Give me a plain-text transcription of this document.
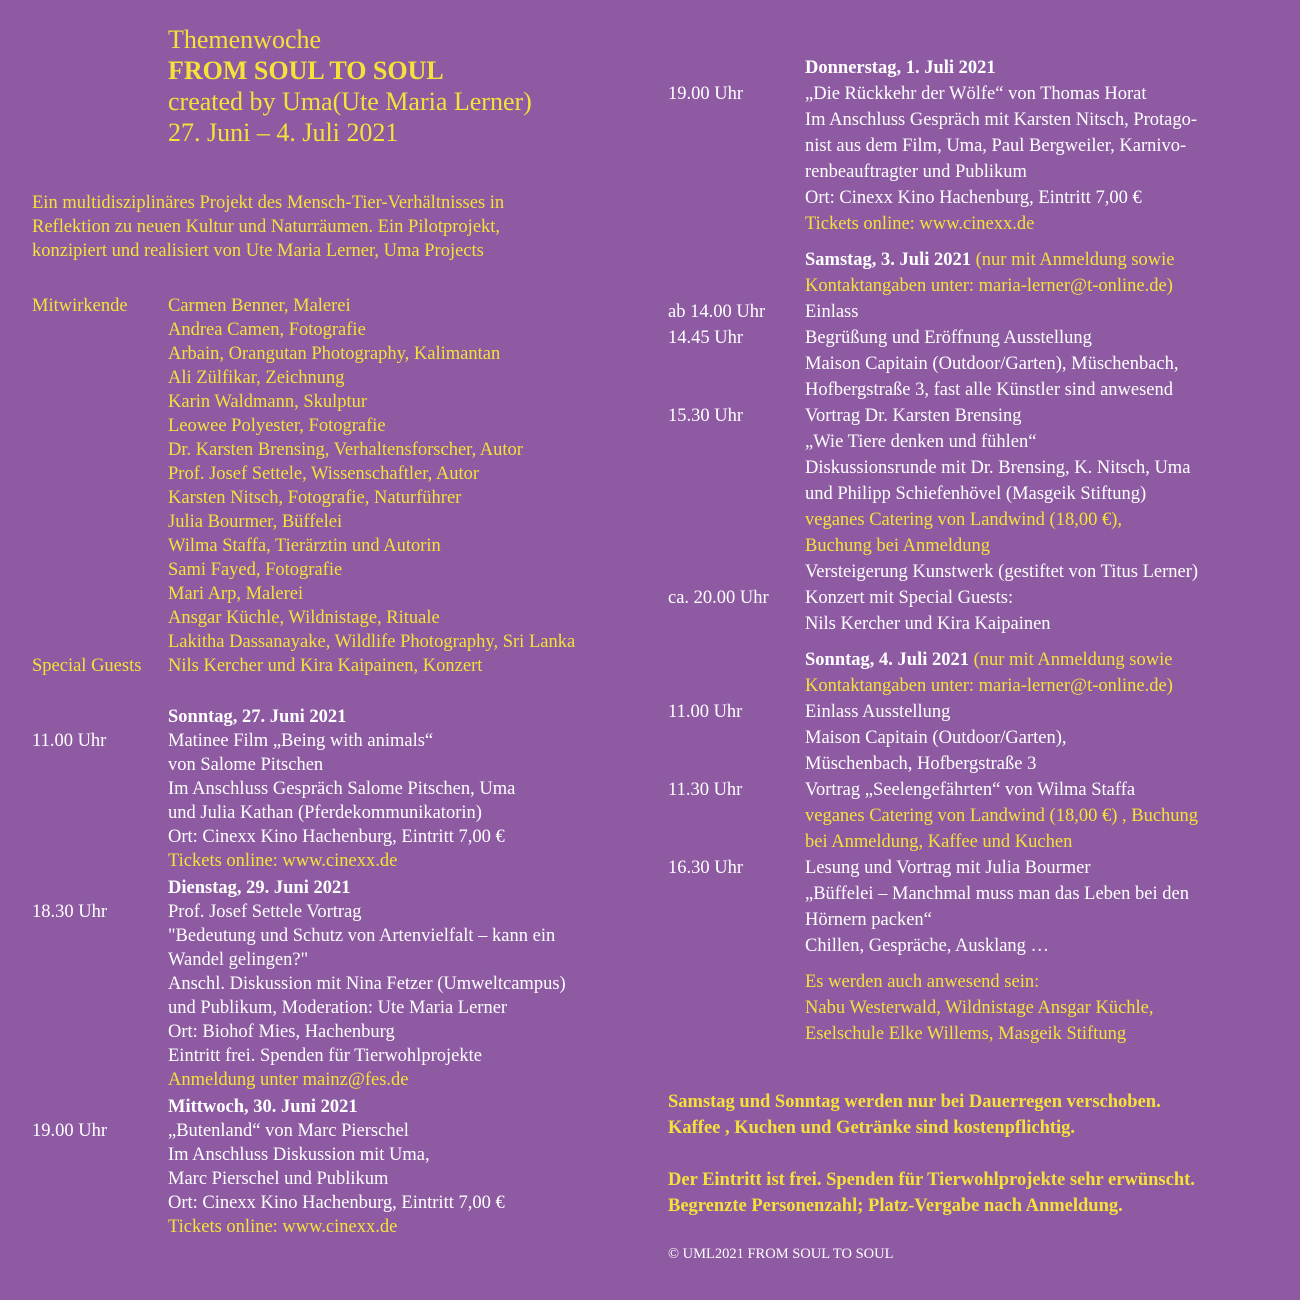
Themenwoche
FROM SOUL TO SOUL
created by Uma(Ute Maria Lerner)
27. Juni – 4. Juli 2021
Ein multidisziplinäres Projekt des Mensch-Tier-Verhältnisses in
Reflektion zu neuen Kultur und Naturräumen. Ein Pilotprojekt,
konzipiert und realisiert von Ute Maria Lerner, Uma Projects
Mitwirkende Carmen Benner, Malerei
Andrea Camen, Fotografie
Arbain, Orangutan Photography, Kalimantan
Ali Zülfikar, Zeichnung
Karin Waldmann, Skulptur
Leowee Polyester, Fotografie
Dr. Karsten Brensing, Verhaltensforscher, Autor
Prof. Josef Settele, Wissenschaftler, Autor
Karsten Nitsch, Fotografie, Naturführer
Julia Bourmer, Büffelei
Wilma Staffa, Tierärztin und Autorin
Sami Fayed, Fotografie
Mari Arp, Malerei
Ansgar Küchle, Wildnistage, Rituale
Lakitha Dassanayake, Wildlife Photography, Sri Lanka
Special Guests Nils Kercher und Kira Kaipainen, Konzert
Sonntag, 27. Juni 2021
11.00 Uhr	Matinee Film „Being with animals“
von Salome Pitschen
Im Anschluss Gespräch Salome Pitschen, Uma
und Julia Kathan (Pferdekommunikatorin)
Ort: Cinexx Kino Hachenburg, Eintritt 7,00 €
Tickets online: www.cinexx.de
Dienstag, 29. Juni 2021
18.30 Uhr	Prof. Josef Settele Vortrag
"Bedeutung und Schutz von Artenvielfalt – kann ein
Wandel gelingen?"
Anschl. Diskussion mit Nina Fetzer (Umweltcampus)
und Publikum, Moderation: Ute Maria Lerner
Ort: Biohof Mies, Hachenburg
Eintritt frei. Spenden für Tierwohlprojekte
Anmeldung unter mainz@fes.de
Mittwoch, 30. Juni 2021
19.00 Uhr	„Butenland“ von Marc Pierschel
Im Anschluss Diskussion mit Uma,
Marc Pierschel und Publikum
Ort: Cinexx Kino Hachenburg, Eintritt 7,00 €
Tickets online: www.cinexx.de
Donnerstag, 1. Juli 2021
19.00 Uhr	„Die Rückkehr der Wölfe“ von Thomas Horat
Im Anschluss Gespräch mit Karsten Nitsch, Protago-
nist aus dem Film, Uma, Paul Bergweiler, Karnivo-
renbeauftragter und Publikum
Ort: Cinexx Kino Hachenburg, Eintritt 7,00 €
Tickets online: www.cinexx.de
Samstag, 3. Juli 2021 (nur mit Anmeldung sowie
Kontaktangaben unter: maria-lerner@t-online.de)
ab 14.00 Uhr Einlass
14.45 Uhr	Begrüßung und Eröffnung Ausstellung
Maison Capitain (Outdoor/Garten), Müschenbach,
Hofbergstraße 3, fast alle Künstler sind anwesend
15.30 Uhr	Vortrag Dr. Karsten Brensing
„Wie Tiere denken und fühlen“
Diskussionsrunde mit Dr. Brensing, K. Nitsch, Uma
und Philipp Schiefenhövel (Masgeik Stiftung)
veganes Catering von Landwind (18,00 €),
Buchung bei Anmeldung
Versteigerung Kunstwerk (gestiftet von Titus Lerner)
ca. 20.00 Uhr Konzert mit Special Guests:
Nils Kercher und Kira Kaipainen
Sonntag, 4. Juli 2021 (nur mit Anmeldung sowie
Kontaktangaben unter: maria-lerner@t-online.de)
11.00 Uhr	Einlass Ausstellung
Maison Capitain (Outdoor/Garten),
Müschenbach, Hofbergstraße 3
11.30 Uhr	Vortrag „Seelengefährten“ von Wilma Staffa
veganes Catering von Landwind (18,00 €) , Buchung
bei Anmeldung, Kaffee und Kuchen
16.30 Uhr	Lesung und Vortrag mit Julia Bourmer
„Büffelei – Manchmal muss man das Leben bei den
Hörnern packen“
Chillen, Gespräche, Ausklang …
Es werden auch anwesend sein:
Nabu Westerwald, Wildnistage Ansgar Küchle,
Eselschule Elke Willems, Masgeik Stiftung
Samstag und Sonntag werden nur bei Dauerregen verschoben.
Kaffee , Kuchen und Getränke sind kostenpflichtig.
Der Eintritt ist frei. Spenden für Tierwohlprojekte sehr erwünscht.
Begrenzte Personenzahl; Platz-Vergabe nach Anmeldung.
© UML2021 FROM SOUL TO SOUL
